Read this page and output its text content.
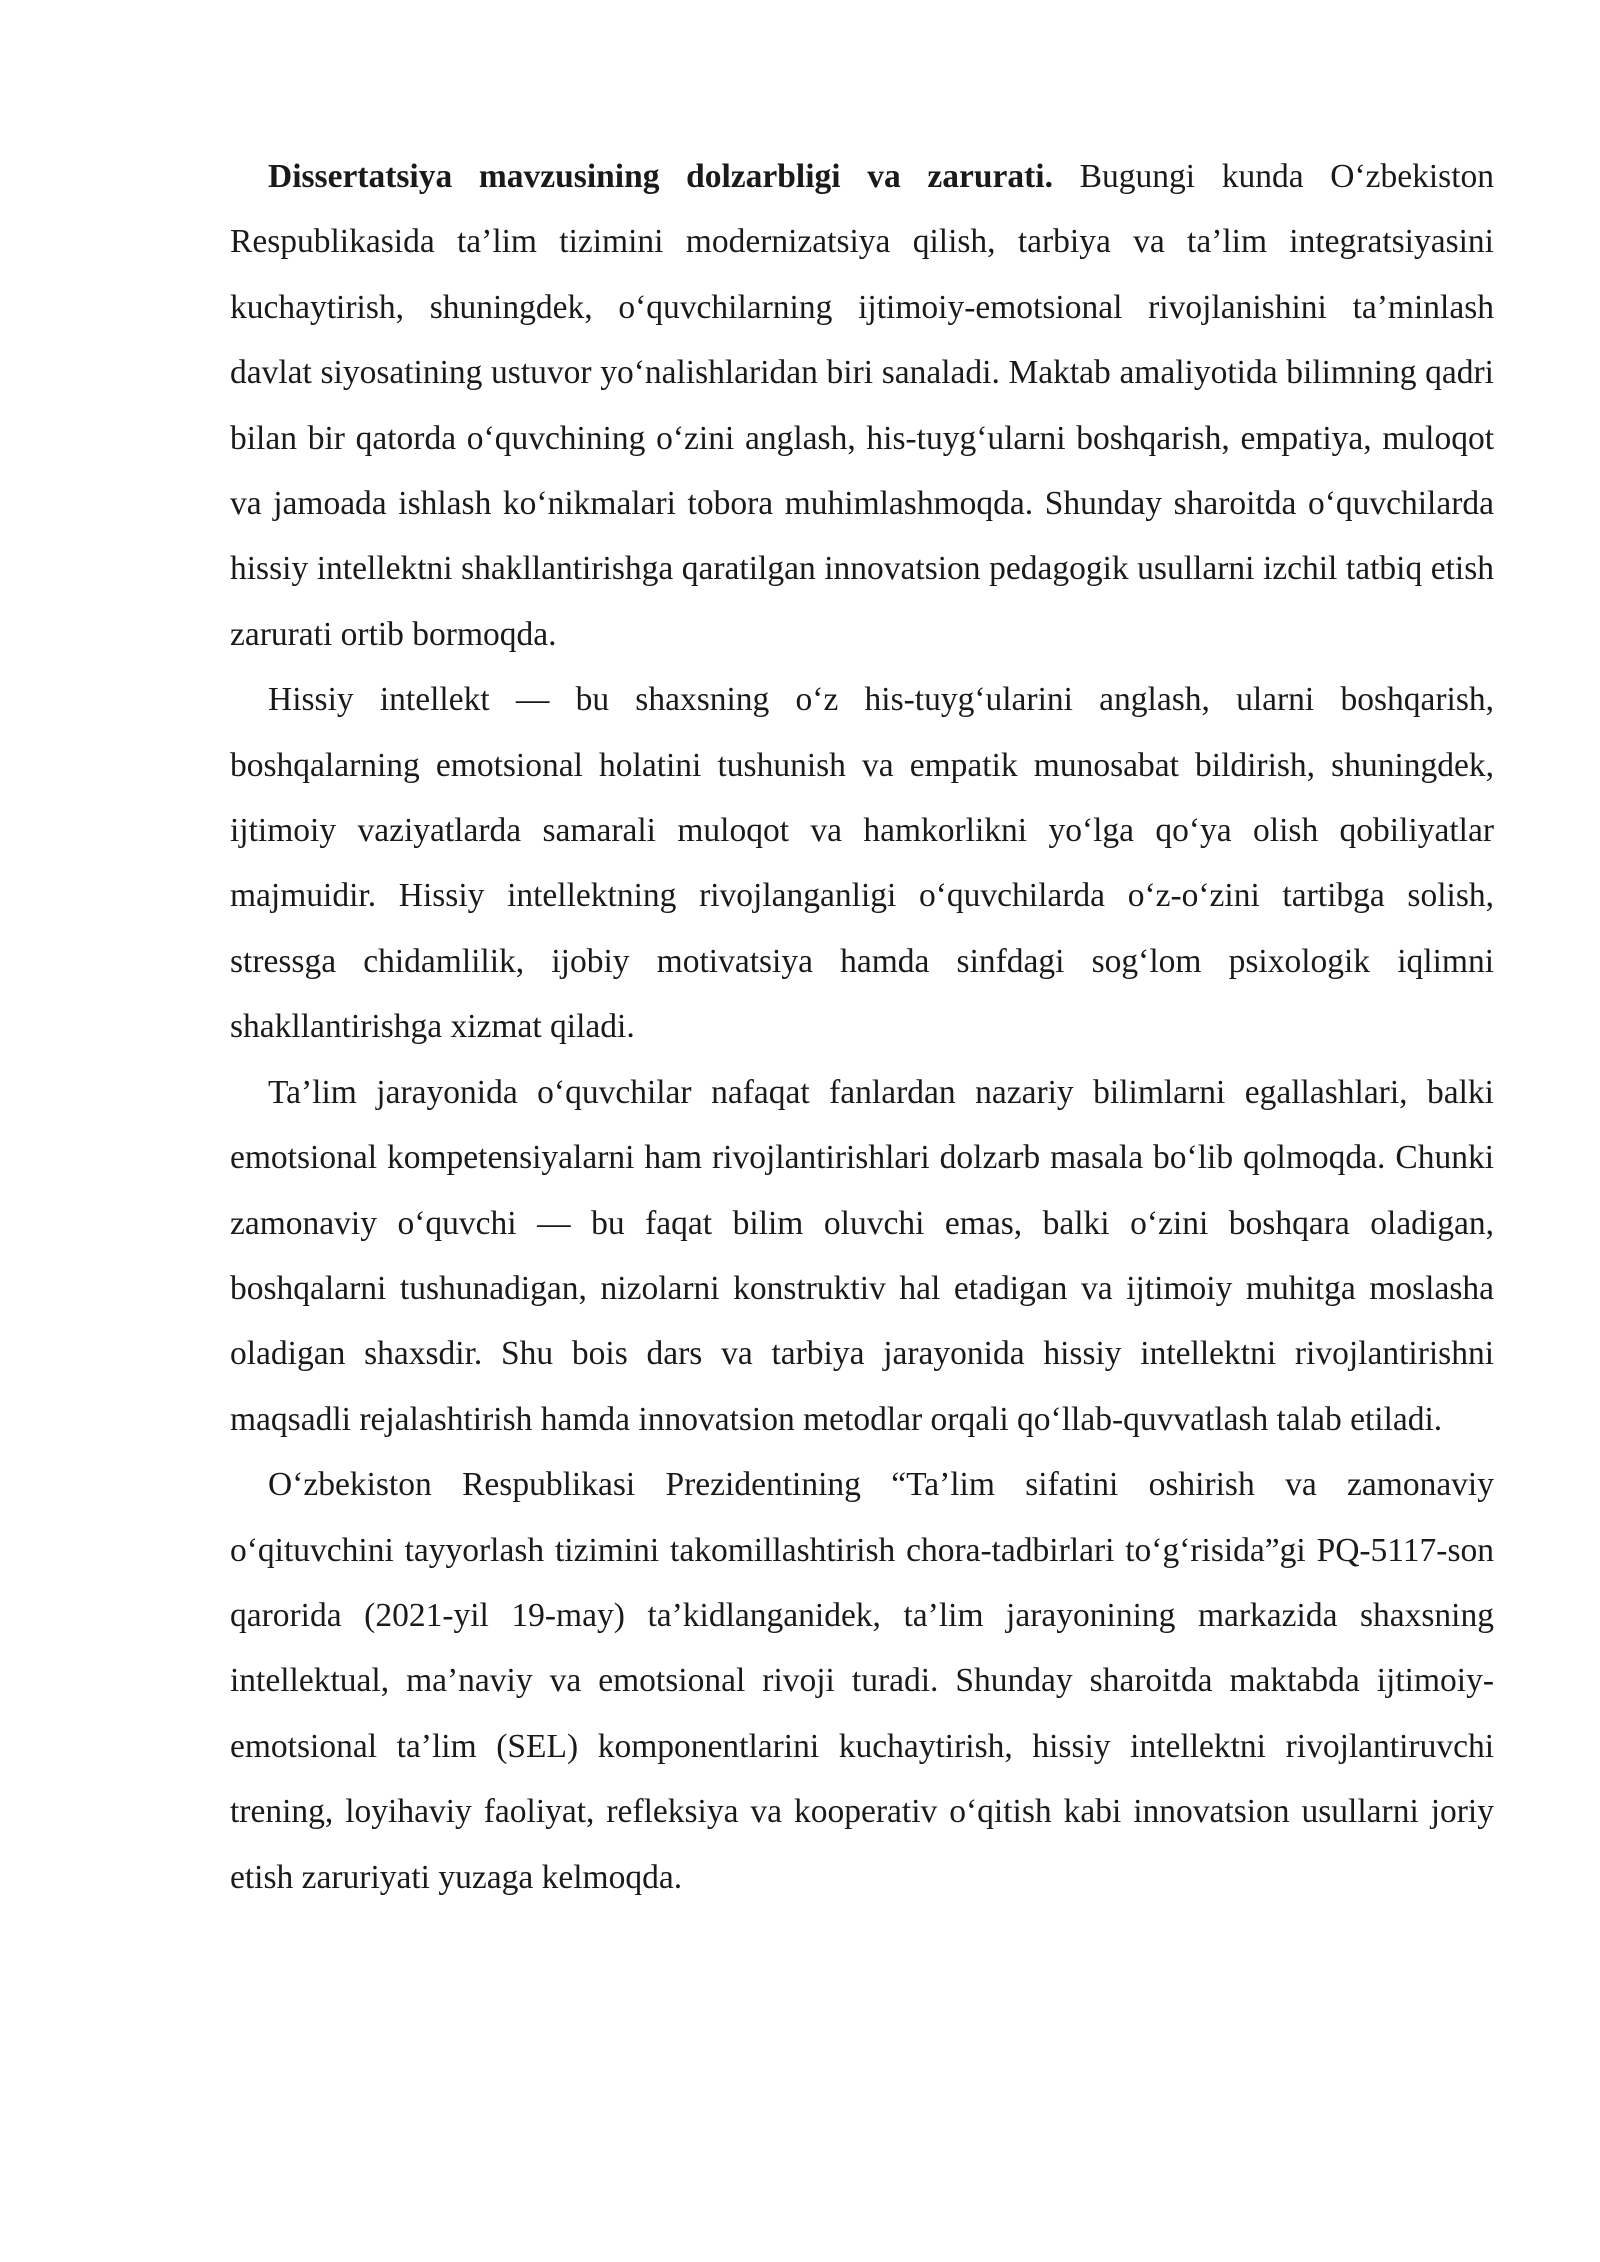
Dissertatsiya mavzusining dolzarbligi va zarurati. Bugungi kunda O‘zbekiston Respublikasida ta’lim tizimini modernizatsiya qilish, tarbiya va ta’lim integratsiyasini kuchaytirish, shuningdek, o‘quvchilarning ijtimoiy-emotsional rivojlanishini ta’minlash davlat siyosatining ustuvor yo‘nalishlaridan biri sanaladi. Maktab amaliyotida bilimning qadri bilan bir qatorda o‘quvchining o‘zini anglash, his-tuyg‘ularni boshqarish, empatiya, muloqot va jamoada ishlash ko‘nikmalari tobora muhimlashmoqda. Shunday sharoitda o‘quvchilarda hissiy intellektni shakllantirishga qaratilgan innovatsion pedagogik usullarni izchil tatbiq etish zarurati ortib bormoqda.

Hissiy intellekt — bu shaxsning o‘z his-tuyg‘ularini anglash, ularni boshqarish, boshqalarning emotsional holatini tushunish va empatik munosabat bildirish, shuningdek, ijtimoiy vaziyatlarda samarali muloqot va hamkorlikni yo‘lga qo‘ya olish qobiliyatlar majmuidir. Hissiy intellektning rivojlanganligi o‘quvchilarda o‘z-o‘zini tartibga solish, stressga chidamlilik, ijobiy motivatsiya hamda sinfdagi sog‘lom psixologik iqlimni shakllantirishga xizmat qiladi.

Ta’lim jarayonida o‘quvchilar nafaqat fanlardan nazariy bilimlarni egallashlari, balki emotsional kompetensiyalarni ham rivojlantirishlari dolzarb masala bo‘lib qolmoqda. Chunki zamonaviy o‘quvchi — bu faqat bilim oluvchi emas, balki o‘zini boshqara oladigan, boshqalarni tushunadigan, nizolarni konstruktiv hal etadigan va ijtimoiy muhitga moslasha oladigan shaxsdir. Shu bois dars va tarbiya jarayonida hissiy intellektni rivojlantirishni maqsadli rejalashtirish hamda innovatsion metodlar orqali qo‘llab-quvvatlash talab etiladi.

O‘zbekiston Respublikasi Prezidentining “Ta’lim sifatini oshirish va zamonaviy o‘qituvchini tayyorlash tizimini takomillashtirish chora-tadbirlari to‘g‘risida”gi PQ-5117-son qarorida (2021-yil 19-may) ta’kidlanganidek, ta’lim jarayonining markazida shaxsning intellektual, ma’naviy va emotsional rivoji turadi. Shunday sharoitda maktabda ijtimoiy-emotsional ta’lim (SEL) komponentlarini kuchaytirish, hissiy intellektni rivojlantiruvchi trening, loyihaviy faoliyat, refleksiya va kooperativ o‘qitish kabi innovatsion usullarni joriy etish zaruriyati yuzaga kelmoqda.
